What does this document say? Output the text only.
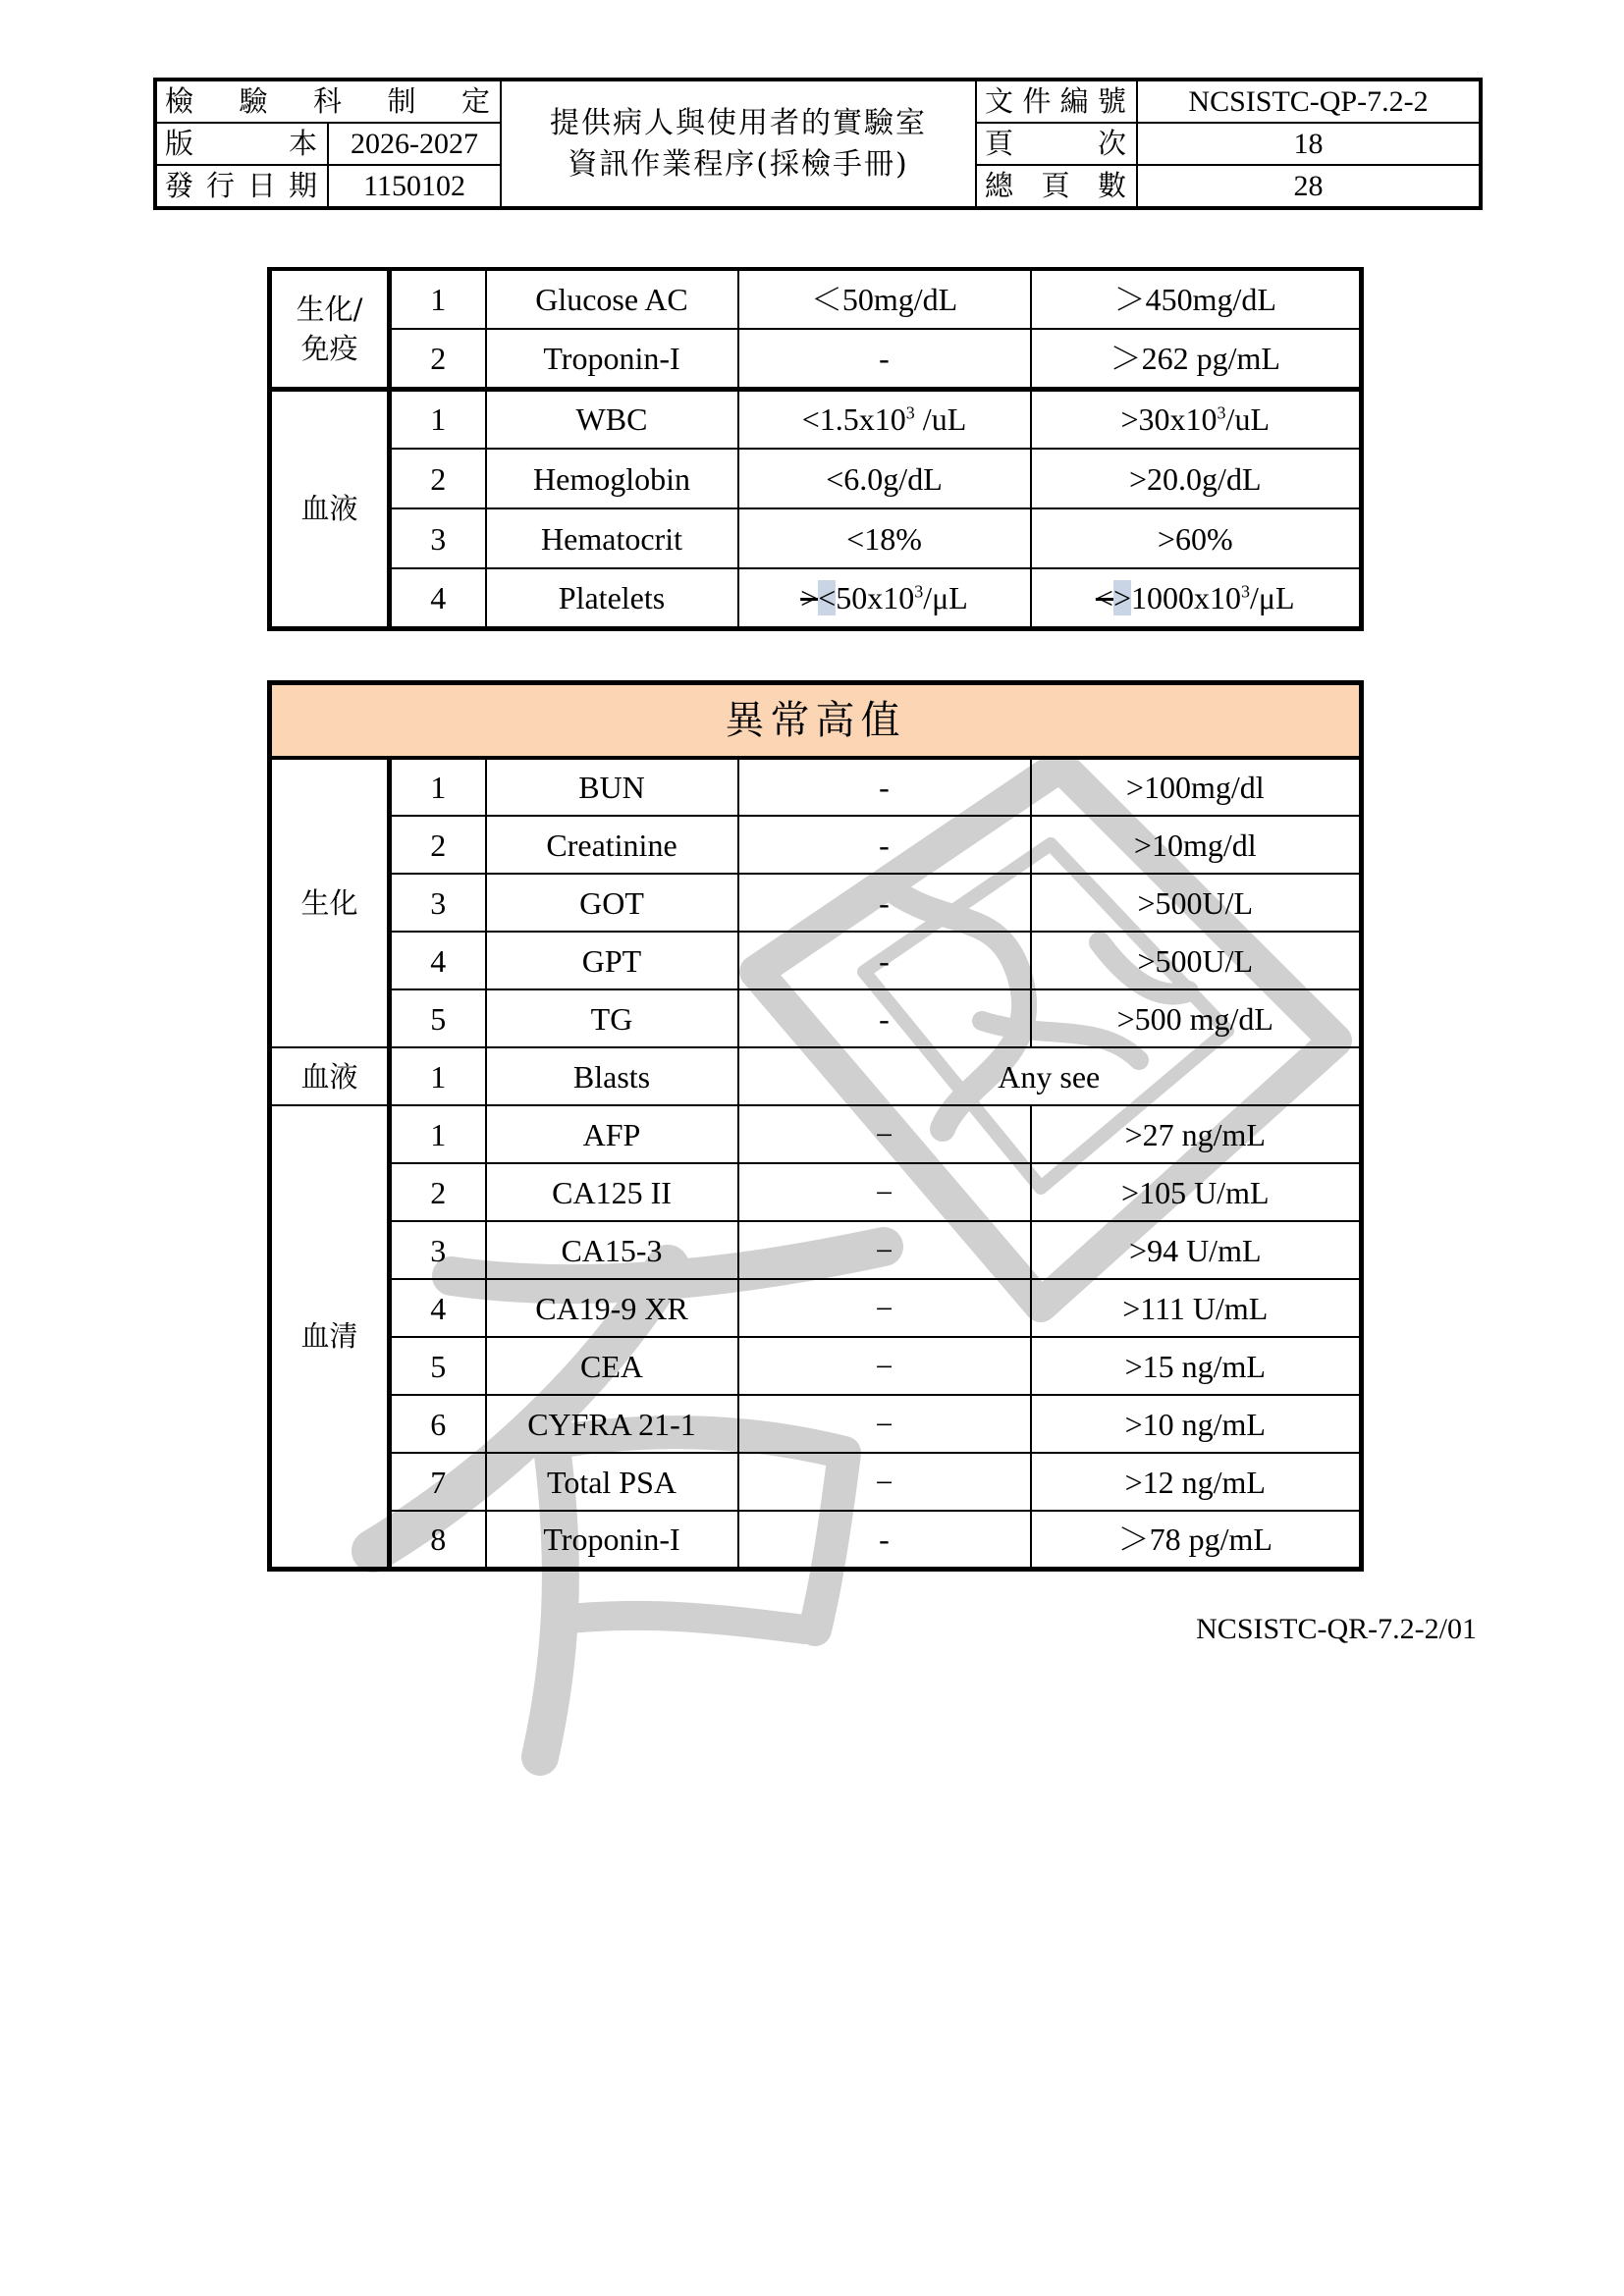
檢驗科制定		提供病人與使用者的實驗室
資訊作業程序(採檢手冊)	文件編號	NCSISTC-QP-7.2-2
版本	2026-2027		頁次	18
發行日期	1150102		總頁數	28
生化/
免疫	1	Glucose AC	＜50mg/dL	＞450mg/dL
	2	Troponin-I	-	＞262 pg/mL
血液	1	WBC	$<1.5x10^3$ /uL	$>30x10^3/uL$
	2	Hemoglobin	<6.0g/dL	>20.0g/dL
	3	Hematocrit	<18%	>60%
	4	Platelets	$><50x10^3/\mu L$	$<>1000x10^3/\mu L$
異常高值				
生化	1	BUN	-	>100mg/dl
	2	Creatinine	-	>10mg/dl
	3	GOT	-	>500U/L
	4	GPT	-	>500U/L
	5	TG	-	>500 mg/dL
血液	1	Blasts	Any see	
血清	1	AFP	−	>27 ng/mL
	2	CA125 II	−	>105 U/mL
	3	CA15-3	−	>94 U/mL
	4	CA19-9 XR	−	>111 U/mL
	5	CEA	−	>15 ng/mL
	6	CYFRA 21-1	−	>10 ng/mL
	7	Total PSA	−	>12 ng/mL
	8	Troponin-I	-	＞78 pg/mL
NCSISTC-QR-7.2-2/01
